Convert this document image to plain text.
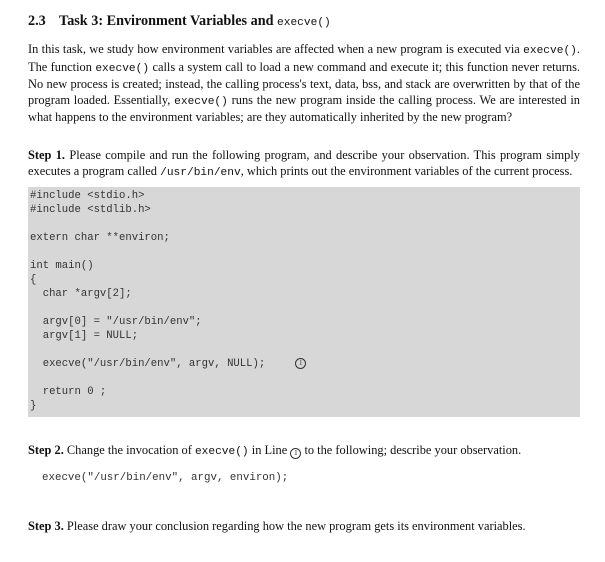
2.3 Task 3: Environment Variables and execve()

In this task, we study how environment variables are affected when a new program is executed via execve(). The function execve() calls a system call to load a new command and execute it; this function never returns. No new process is created; instead, the calling process's text, data, bss, and stack are overwritten by that of the program loaded. Essentially, execve() runs the new program inside the calling process. We are interested in what happens to the environment variables; are they automatically inherited by the new program?

Step 1. Please compile and run the following program, and describe your observation. This program simply executes a program called /usr/bin/env, which prints out the environment variables of the current process.

#include <stdio.h>
#include <stdlib.h>
extern char **environ;
int main()
{
char *argv[2];
argv[0] = "/usr/bin/env";
argv[1] = NULL;
execve("/usr/bin/env", argv, NULL);	1
return 0 ;
}

Step 2. Change the invocation of execve() in Line 1 to the following; describe your observation.

execve("/usr/bin/env", argv, environ);

Step 3. Please draw your conclusion regarding how the new program gets its environment variables.
